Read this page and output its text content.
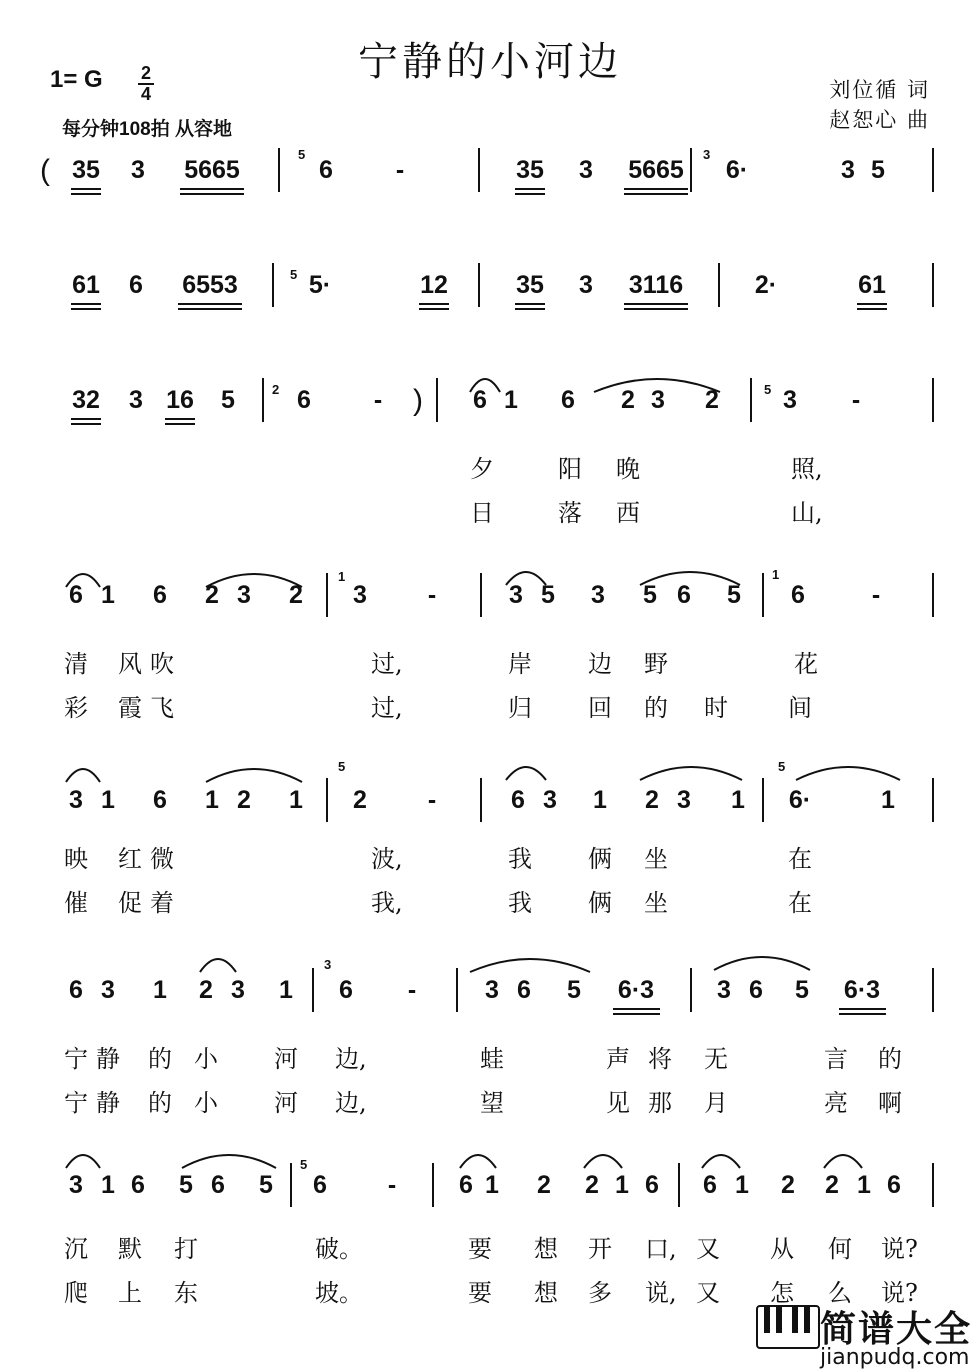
宁静的小河边
1= G 2
4
每分钟108拍 从容地
刘位循 词
赵恕心 曲
( 35 3 5665	6	-	35 3 5665 6·	3 5
61 6 6553	5·	12	35 3 3116	2·	61
32 3 16 5 6	- ) 6 1 6 2 3 2	3	-
夕	阳 晚	照,
日	落 西	山,
6 1 6 2 3 2 3	-	3 5 3 5 6 5 6	-
清 风 吹	过,	岸 边 野	花
彩 霞 飞	过,	归 回 的 时	间
3 1 6 1 2 1 2	-	6 3 1 2 3 1 6·	1
映 红 微	波,	我 俩 坐	在
催 促 着	我,	我 俩 坐	在
6 3 1 2 3 1 6	-	3 6 5 6·3	3 6 5 6·3
宁 静 的 小 河 边,	蛙	声 将 无	言 的
宁 静 的 小 河 边,	望	见 那 月	亮 啊
3 1 6 5 6 5 6	-	6 1 2 2 1 6 6 1 2 2 1 6
沉 默 打	破。	要 想 开 口, 又 从 何 说?
爬 上 东	坡。	要 想 多 说, 又 怎 么 说?
5	3
5
2	5
1	1
5	5
3
5
简谱大全
jianpudq.com
